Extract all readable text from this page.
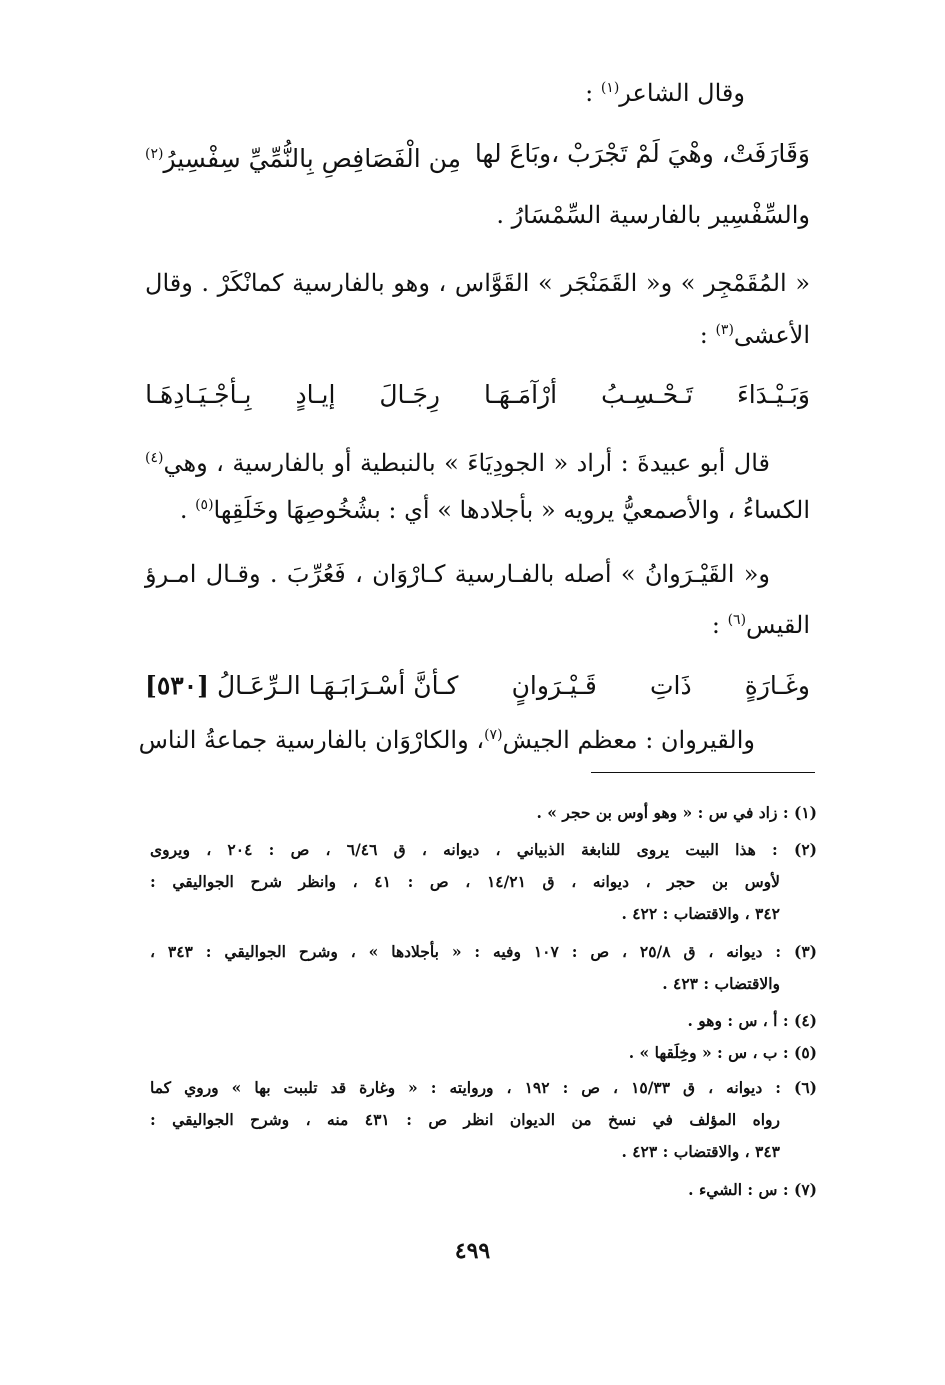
وقال الشاعر$^{(١)}$ :
وَقَارَفَتْ، وهْيَ لَمْ تَجْرَبْ ،وبَاعَ لها
مِن الْفَصَافِصِ بِالنُّمِّيِّ سِفْسِيرُ$^{(٢)}$
والسِّفْسِير بالفارسية السِّمْسَارُ .
« المُقَمْجِر » و« القَمَنْجَر » القَوَّاس ، وهو بالفارسية كمانْكَرْ . وقال
الأعشى$^{(٣)}$ :
وَبَـيْـدَاءَ
تَـحْـسِـبُ
أرْآمَـهَـا
رِجَـالَ
إيـادٍ
بِـأجْـيَـادِهَـا
قال أبو عبيدةَ : أراد « الجودِيَاءَ » بالنبطية أو بالفارسية ، وهي$^{(٤)}$
الكساءُ ، والأصمعيُّ يرويه « بأجلادها » أي : بشُخُوصِهَا وخَلَقِها$^{(٥)}$ .
و« القَيْـرَوانُ » أصله بالفـارسية كـارْوَان ، فَعُرِّبَ . وقـال امـرؤ
القيس$^{(٦)}$ :
وغَـارَةٍ
ذَاتِ
قَـيْـرَوانٍ
كـأنَّ أسْـرَابَـهَـا الـرِّعَـالُ [٥٣٠]
والقيروان : معظم الجيش$^{(٧)}$، والكارْوَان بالفارسية جماعةُ الناس
(١) : زاد في س : « وهو أوس بن حجر » .
(٢) : هذا البيت يروى للنابغة الذبياني ، ديوانه ، ق ٦/٤٦ ، ص : ٢٠٤ ، ويروى
لأوس بن حجر ، ديوانه ، ق ١٤/٢١ ، ص : ٤١ ، وانظر شرح الجواليقي :
٣٤٢ ، والاقتضاب : ٤٢٢ .
(٣) : ديوانه ، ق ٢٥/٨ ، ص : ١٠٧ وفيه : « بأجلادها » ، وشرح الجواليقي : ٣٤٣ ،
والاقتضاب : ٤٢٣ .
(٤) : أ ، س : وهو .
(٥) : ب ، س : « وخِلَقها » .
(٦) : ديوانه ، ق ١٥/٣٣ ، ص : ١٩٢ ، وروايته : « وغارة قد تلببت بها » وروي كما
رواه المؤلف في نسخ من الديوان انظر ص : ٤٣١ منه ، وشرح الجواليقي :
٣٤٣ ، والاقتضاب : ٤٢٣ .
(٧) : س : الشيء .
٤٩٩
